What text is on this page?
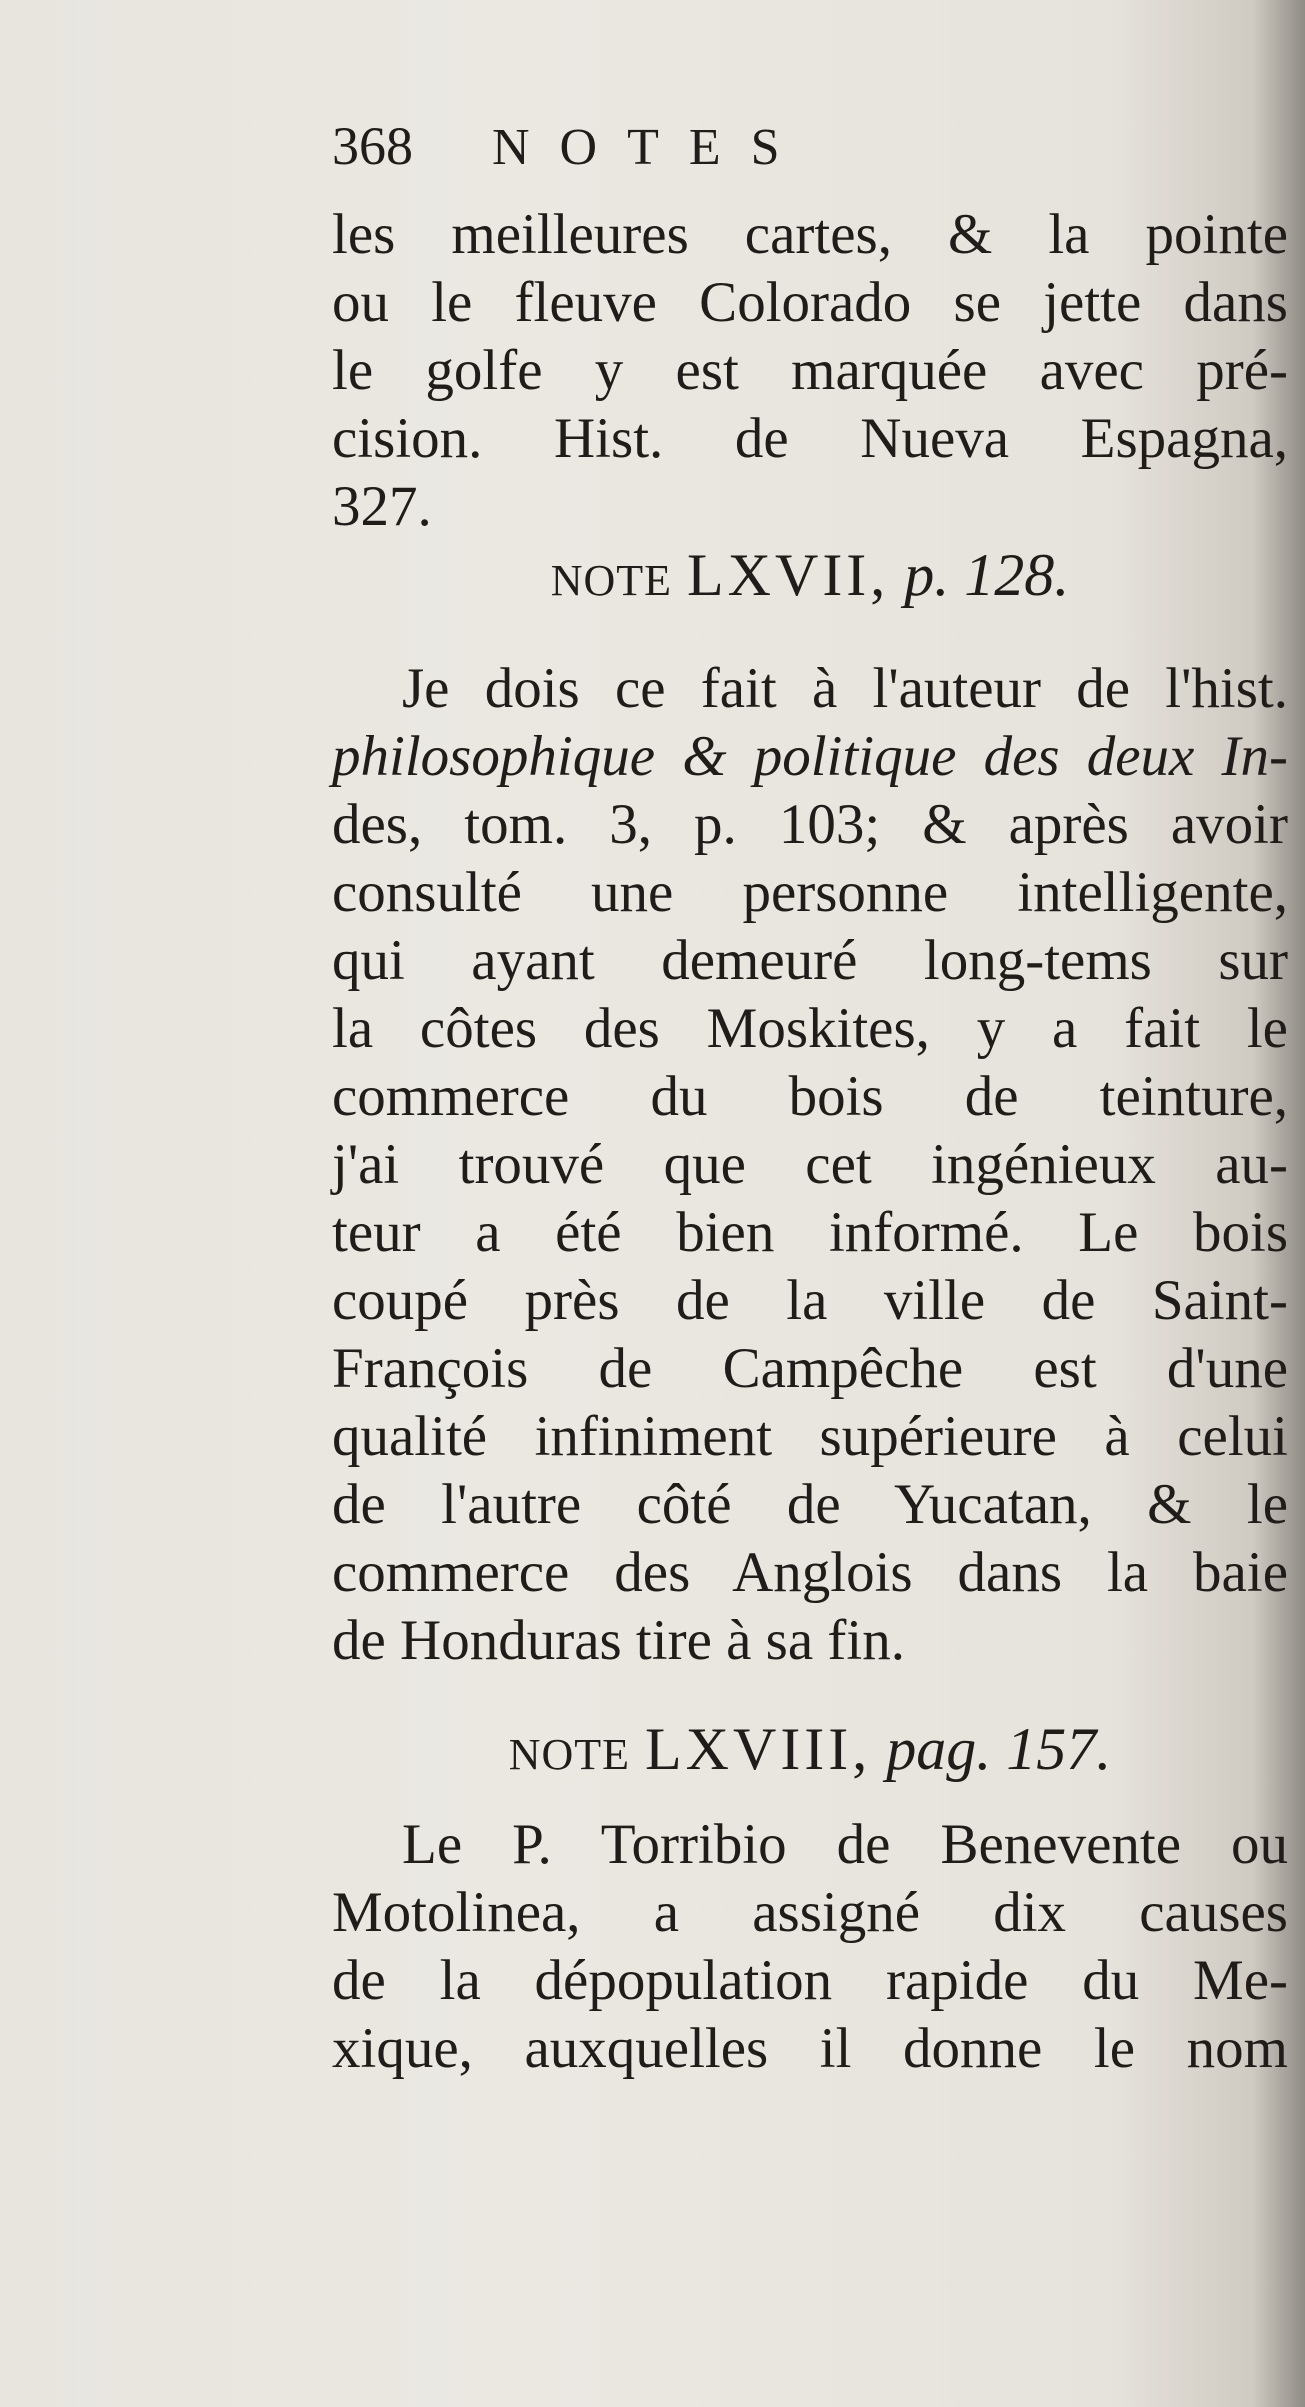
368	NOTES
les meilleures cartes, & la pointe
ou le fleuve Colorado se jette dans
le golfe y est marquée avec pré-
cision. Hist. de Nueva Espagna,
327.
NOTE LXVII, p. 128.
Je dois ce fait à l'auteur de l'hist.
philosophique & politique des deux In-
des, tom. 3, p. 103; & après avoir
consulté une personne intelligente,
qui ayant demeuré long-tems sur
la côtes des Moskites, y a fait le
commerce du bois de teinture,
j'ai trouvé que cet ingénieux au-
teur a été bien informé. Le bois
coupé près de la ville de Saint-
François de Campêche est d'une
qualité infiniment supérieure à celui
de l'autre côté de Yucatan, & le
commerce des Anglois dans la baie
de Honduras tire à sa fin.
NOTE LXVIII, pag. 157.
Le P. Torribio de Benevente ou
Motolinea, a assigné dix causes
de la dépopulation rapide du Me-
xique, auxquelles il donne le nom
